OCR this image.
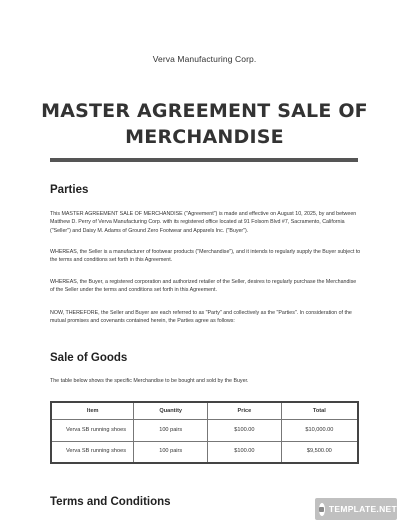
Verva Manufacturing Corp.
MASTER AGREEMENT SALE OF
MERCHANDISE
Parties

This MASTER AGREEMENT SALE OF MERCHANDISE ("Agreement") is made and effective on August 10, 2025, by and between Matthew D. Perry of Verva Manufacturing Corp. with its registered office located at 91 Folsom Blvd #7, Sacramento, California ("Seller") and Daisy M. Adams of Ground Zero Footwear and Apparels Inc. ("Buyer").

WHEREAS, the Seller is a manufacturer of footwear products ("Merchandise"), and it intends to regularly supply the Buyer subject to the terms and conditions set forth in this Agreement.

WHEREAS, the Buyer, a registered corporation and authorized retailer of the Seller, desires to regularly purchase the Merchandise of the Seller under the terms and conditions set forth in this Agreement.

NOW, THEREFORE, the Seller and Buyer are each referred to as "Party" and collectively as the "Parties". In consideration of the mutual promises and covenants contained herein, the Parties agree as follows:

Sale of Goods

The table below shows the specific Merchandise to be bought and sold by the Buyer.

Item	Quantity	Price	Total
Verva SB running shoes	100 pairs	$100.00	$10,000.00
Verva SB running shoes	100 pairs	$100.00	$9,500.00
Terms and Conditions
TEMPLATE.NET
